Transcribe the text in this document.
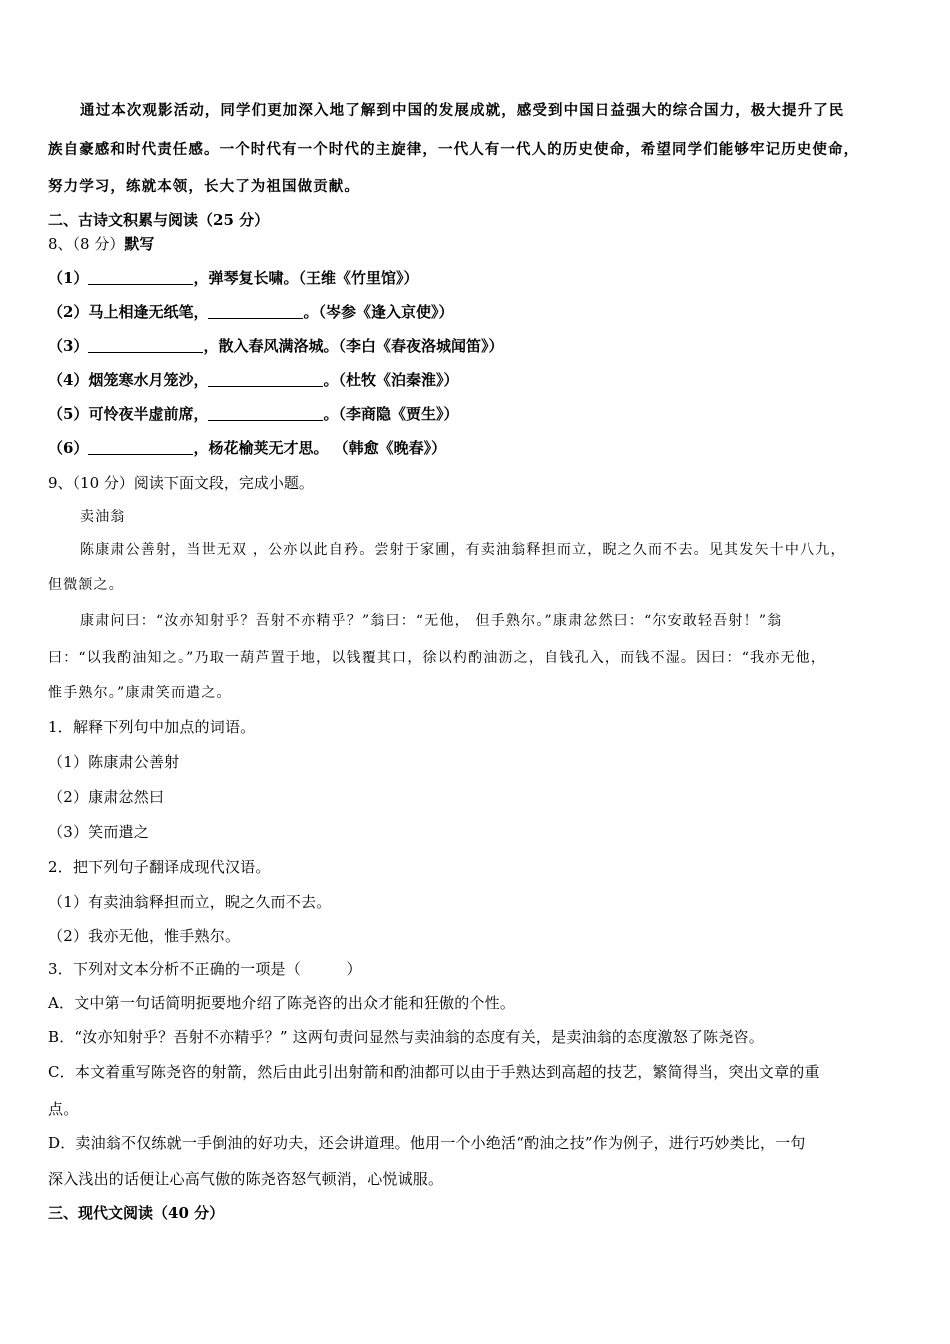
通过本次观影活动，同学们更加深入地了解到中国的发展成就，感受到中国日益强大的综合国力，极大提升了民
族自豪感和时代责任感。一个时代有一个时代的主旋律，一代人有一代人的历史使命，希望同学们能够牢记历史使命，
努力学习，练就本领，长大了为祖国做贡献。
二、古诗文积累与阅读（25 分）
8、（8 分）默写
（1）	，弹琴复长啸。（王维《竹里馆》）
（2）马上相逢无纸笔，	。（岑参《逢入京使》）
（3）	，散入春风满洛城。（李白《春夜洛城闻笛》）
（4）烟笼寒水月笼沙，	。（杜牧《泊秦淮》）
（5）可怜夜半虚前席，	。（李商隐《贾生》）
（6）	，杨花榆荚无才思。 （韩愈《晚春》）
9、（10 分）阅读下面文段，完成小题。
卖油翁
陈康肃公善射，当世无双 ，公亦以此自矜。尝射于家圃，有卖油翁释担而立，睨之久而不去。见其发矢十中八九，
但微颔之。
康肃问曰：“汝亦知射乎？吾射不亦精乎？”翁曰：“无他， 但手熟尔。”康肃忿然曰：“尔安敢轻吾射！”翁
曰：“以我酌油知之。”乃取一葫芦置于地，以钱覆其口，徐以杓酌油沥之，自钱孔入，而钱不湿。因曰：“我亦无他，
惟手熟尔。”康肃笑而遣之。
1．解释下列句中加点的词语。
（1）陈康肃公善射
（2）康肃忿然曰
（3）笑而遣之
2．把下列句子翻译成现代汉语。
（1）有卖油翁释担而立，睨之久而不去。
（2）我亦无他，惟手熟尔。
3．下列对文本分析不正确的一项是（　　　）
A．文中第一句话简明扼要地介绍了陈尧咨的出众才能和狂傲的个性。
B．“汝亦知射乎？吾射不亦精乎？” 这两句责问显然与卖油翁的态度有关，是卖油翁的态度激怒了陈尧咨。
C．本文着重写陈尧咨的射箭，然后由此引出射箭和酌油都可以由于手熟达到高超的技艺，繁简得当，突出文章的重
点。
D．卖油翁不仅练就一手倒油的好功夫，还会讲道理。他用一个小绝活“酌油之技”作为例子，进行巧妙类比，一句
深入浅出的话便让心高气傲的陈尧咨怒气顿消，心悦诚服。
三、现代文阅读（40 分）
